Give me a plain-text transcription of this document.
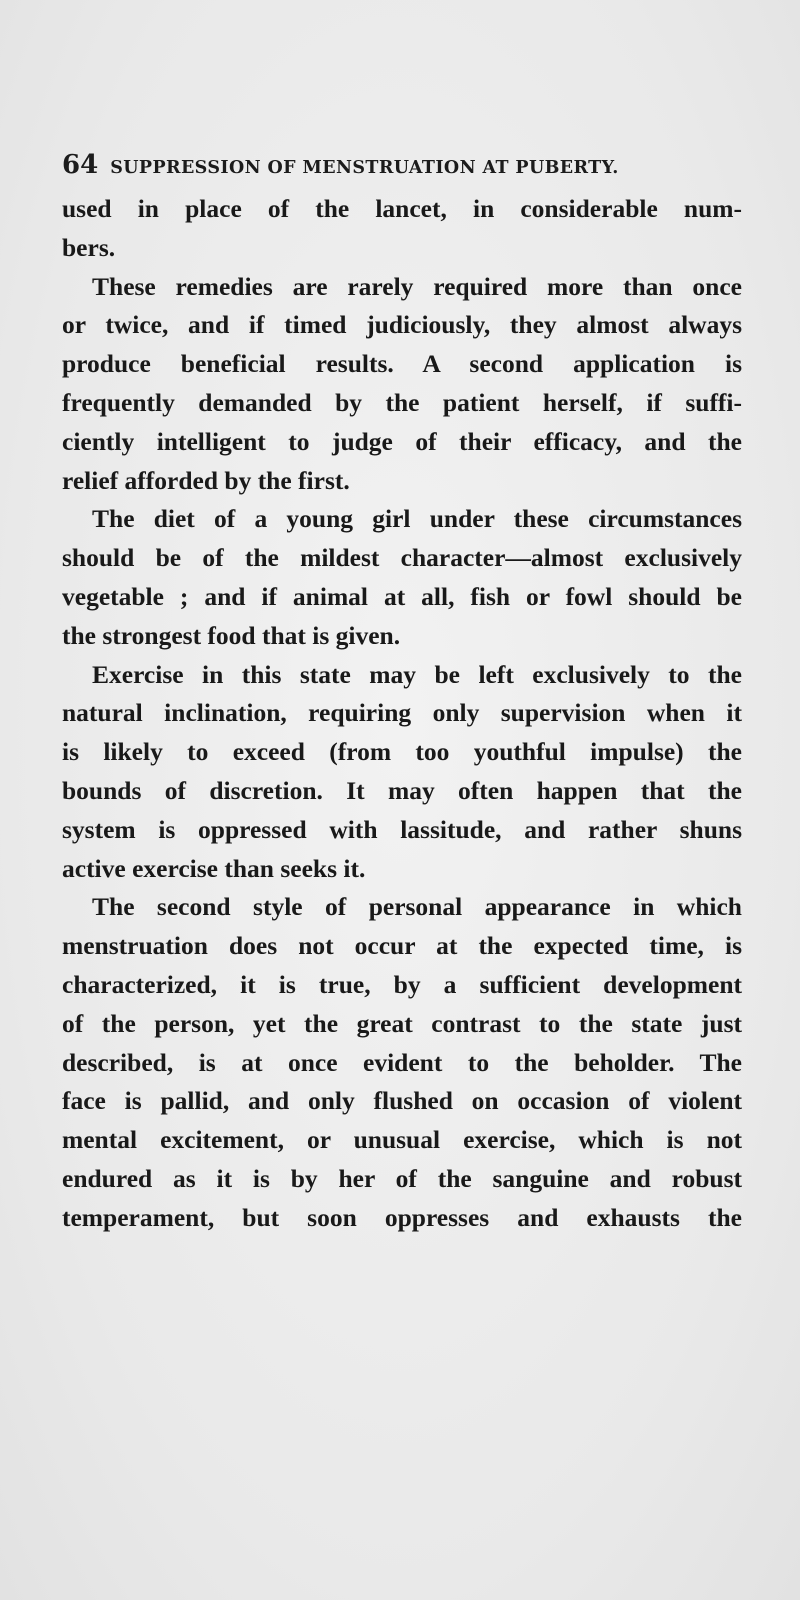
64 SUPPRESSION OF MENSTRUATION AT PUBERTY.
used in place of the lancet, in considerable num-
bers.
These remedies are rarely required more than once
or twice, and if timed judiciously, they almost always
produce beneficial results. A second application is
frequently demanded by the patient herself, if suffi-
ciently intelligent to judge of their efficacy, and the
relief afforded by the first.
The diet of a young girl under these circumstances
should be of the mildest character—almost exclusively
vegetable ; and if animal at all, fish or fowl should be
the strongest food that is given.
Exercise in this state may be left exclusively to the
natural inclination, requiring only supervision when it
is likely to exceed (from too youthful impulse) the
bounds of discretion. It may often happen that the
system is oppressed with lassitude, and rather shuns
active exercise than seeks it.
The second style of personal appearance in which
menstruation does not occur at the expected time, is
characterized, it is true, by a sufficient development
of the person, yet the great contrast to the state just
described, is at once evident to the beholder. The
face is pallid, and only flushed on occasion of violent
mental excitement, or unusual exercise, which is not
endured as it is by her of the sanguine and robust
temperament, but soon oppresses and exhausts the
